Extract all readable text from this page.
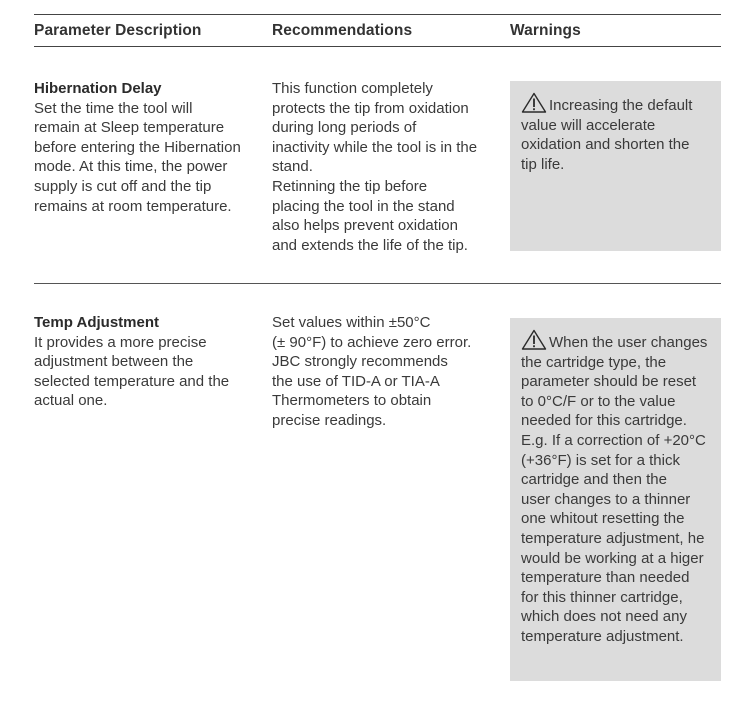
Parameter Description	Recommendations	Warnings
Hibernation Delay

Set the time the tool will
remain at Sleep temperature
before entering the Hibernation
mode. At this time, the power
supply is cut off and the tip
remains at room temperature.

This function completely
protects the tip from oxidation
during long periods of
inactivity while the tool is in the
stand.
Retinning the tip before
placing the tool in the stand
also helps prevent oxidation
and extends the life of the tip.

Increasing the default
value will accelerate
oxidation and shorten the
tip life.

Temp Adjustment

It provides a more precise
adjustment between the
selected temperature and the
actual one.

Set values within ±50°C
(± 90°F) to achieve zero error.
JBC strongly recommends
the use of TID-A or TIA-A
Thermometers to obtain
precise readings.

When the user changes
the cartridge type, the
parameter should be reset
to 0°C/F or to the value
needed for this cartridge.
E.g. If a correction of +20°C
(+36°F) is set for a thick
cartridge and then the
user changes to a thinner
one whitout resetting the
temperature adjustment, he
would be working at a higer
temperature than needed
for this thinner cartridge,
which does not need any
temperature adjustment.
